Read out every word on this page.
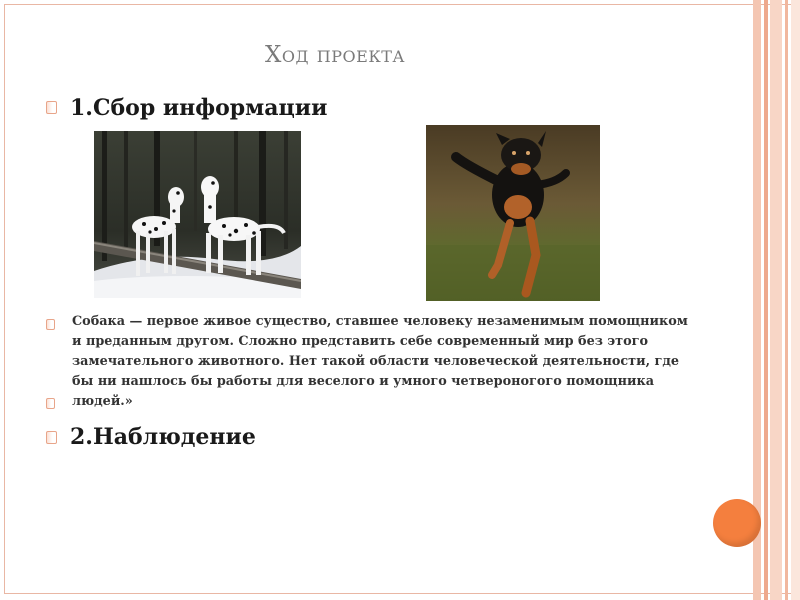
Ход проекта
1.Сбор информации
Собака — первое живое существо, ставшее человеку незаменимым помощником и преданным другом. Сложно представить себе современный мир без этого замечательного животного. Нет такой области человеческой деятельности, где бы ни нашлось бы работы для веселого и умного четвероногого помощника людей.»
2.Наблюдение
